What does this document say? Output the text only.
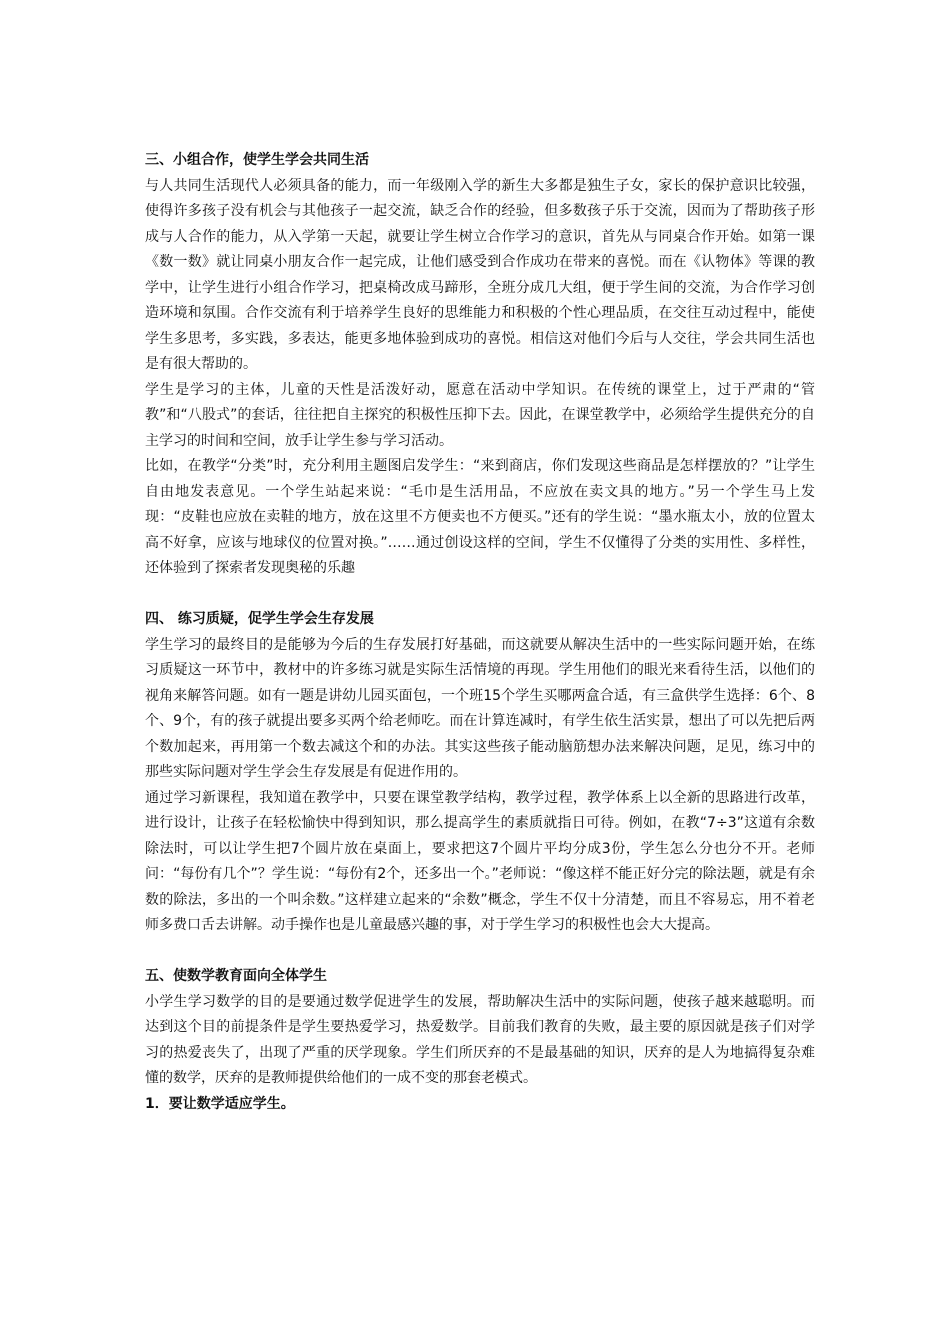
三、小组合作，使学生学会共同生活

与人共同生活现代人必须具备的能力，而一年级刚入学的新生大多都是独生子女，家长的保护意识比较强，使得许多孩子没有机会与其他孩子一起交流，缺乏合作的经验，但多数孩子乐于交流，因而为了帮助孩子形成与人合作的能力，从入学第一天起，就要让学生树立合作学习的意识，首先从与同桌合作开始。如第一课《数一数》就让同桌小朋友合作一起完成，让他们感受到合作成功在带来的喜悦。而在《认物体》等课的教学中，让学生进行小组合作学习，把桌椅改成马蹄形，全班分成几大组，便于学生间的交流，为合作学习创造环境和氛围。合作交流有利于培养学生良好的思维能力和积极的个性心理品质，在交往互动过程中，能使学生多思考，多实践，多表达，能更多地体验到成功的喜悦。相信这对他们今后与人交往，学会共同生活也是有很大帮助的。

学生是学习的主体，儿童的天性是活泼好动，愿意在活动中学知识。在传统的课堂上，过于严肃的“管教”和“八股式”的套话，往往把自主探究的积极性压抑下去。因此，在课堂教学中，必须给学生提供充分的自主学习的时间和空间，放手让学生参与学习活动。

比如，在教学“分类”时，充分利用主题图启发学生：“来到商店，你们发现这些商品是怎样摆放的？”让学生自由地发表意见。一个学生站起来说：“毛巾是生活用品，不应放在卖文具的地方。”另一个学生马上发现：“皮鞋也应放在卖鞋的地方，放在这里不方便卖也不方便买。”还有的学生说：“墨水瓶太小，放的位置太高不好拿，应该与地球仪的位置对换。”……通过创设这样的空间，学生不仅懂得了分类的实用性、多样性，还体验到了探索者发现奥秘的乐趣

四、 练习质疑，促学生学会生存发展

学生学习的最终目的是能够为今后的生存发展打好基础，而这就要从解决生活中的一些实际问题开始，在练习质疑这一环节中，教材中的许多练习就是实际生活情境的再现。学生用他们的眼光来看待生活，以他们的视角来解答问题。如有一题是讲幼儿园买面包，一个班15个学生买哪两盒合适，有三盒供学生选择：6个、8个、9个，有的孩子就提出要多买两个给老师吃。而在计算连减时，有学生依生活实景，想出了可以先把后两个数加起来，再用第一个数去减这个和的办法。其实这些孩子能动脑筋想办法来解决问题，足见，练习中的那些实际问题对学生学会生存发展是有促进作用的。

通过学习新课程，我知道在教学中，只要在课堂教学结构，教学过程，教学体系上以全新的思路进行改革，进行设计，让孩子在轻松愉快中得到知识，那么提高学生的素质就指日可待。例如，在教“7÷3”这道有余数除法时，可以让学生把7个圆片放在桌面上，要求把这7个圆片平均分成3份，学生怎么分也分不开。老师问：“每份有几个”？学生说：“每份有2个，还多出一个。”老师说：“像这样不能正好分完的除法题，就是有余数的除法，多出的一个叫余数。”这样建立起来的“余数”概念，学生不仅十分清楚，而且不容易忘，用不着老师多费口舌去讲解。动手操作也是儿童最感兴趣的事，对于学生学习的积极性也会大大提高。

五、使数学教育面向全体学生

小学生学习数学的目的是要通过数学促进学生的发展，帮助解决生活中的实际问题，使孩子越来越聪明。而达到这个目的前提条件是学生要热爱学习，热爱数学。目前我们教育的失败，最主要的原因就是孩子们对学习的热爱丧失了，出现了严重的厌学现象。学生们所厌弃的不是最基础的知识，厌弃的是人为地搞得复杂难懂的数学，厌弃的是教师提供给他们的一成不变的那套老模式。

1．要让数学适应学生。
